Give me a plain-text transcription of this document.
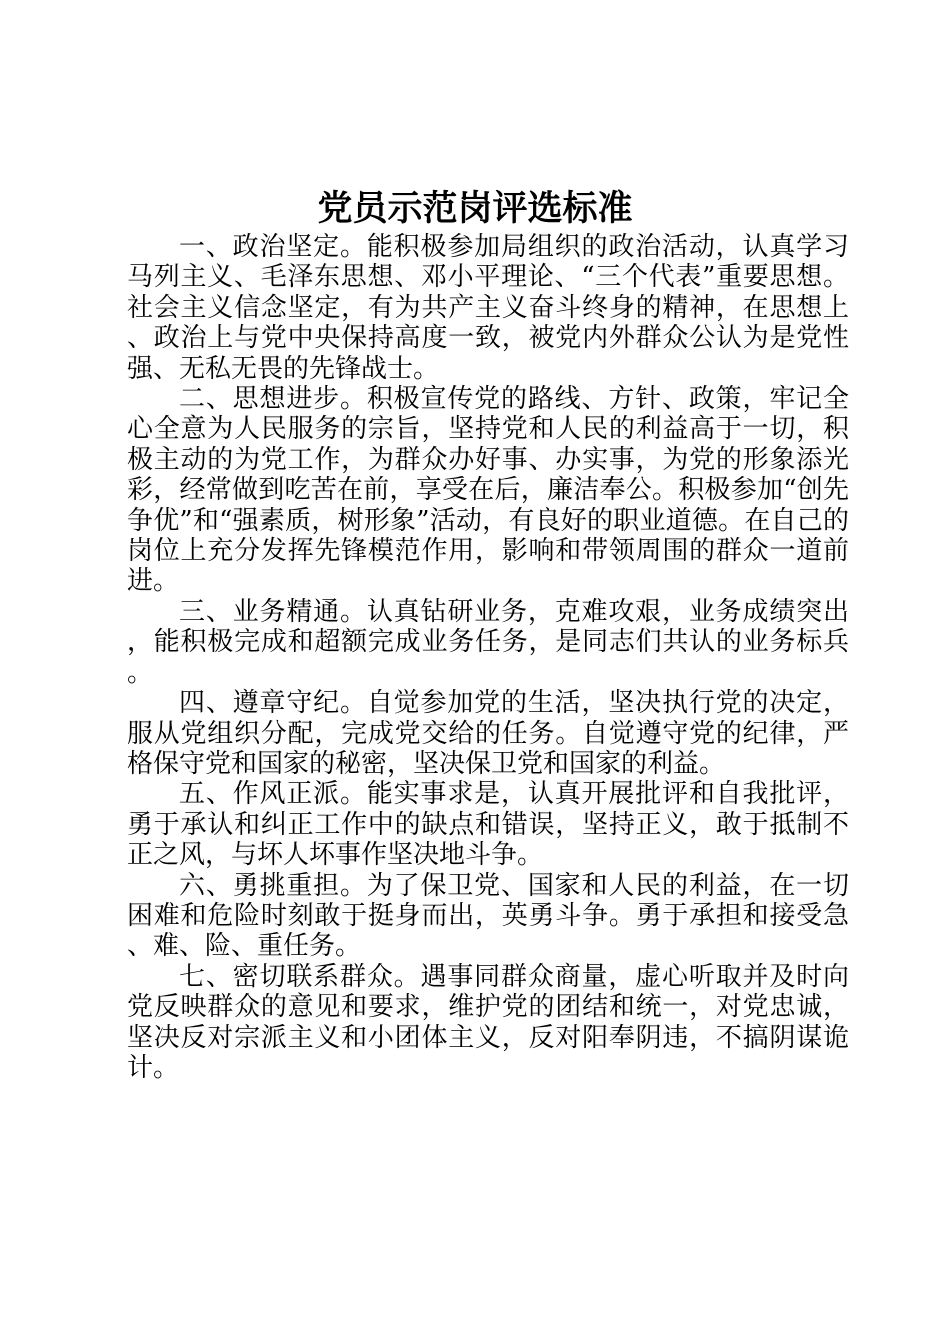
党员示范岗评选标准

一、政治坚定。能积极参加局组织的政治活动，认真学习马列主义、毛泽东思想、邓小平理论、“三个代表”重要思想。社会主义信念坚定，有为共产主义奋斗终身的精神，在思想上、政治上与党中央保持高度一致，被党内外群众公认为是党性强、无私无畏的先锋战士。

二、思想进步。积极宣传党的路线、方针、政策，牢记全心全意为人民服务的宗旨，坚持党和人民的利益高于一切，积极主动的为党工作，为群众办好事、办实事，为党的形象添光彩，经常做到吃苦在前，享受在后，廉洁奉公。积极参加“创先争优”和“强素质，树形象”活动，有良好的职业道德。在自己的岗位上充分发挥先锋模范作用，影响和带领周围的群众一道前进。

三、业务精通。认真钻研业务，克难攻艰，业务成绩突出，能积极完成和超额完成业务任务，是同志们共认的业务标兵。

四、遵章守纪。自觉参加党的生活，坚决执行党的决定，服从党组织分配，完成党交给的任务。自觉遵守党的纪律，严格保守党和国家的秘密，坚决保卫党和国家的利益。

五、作风正派。能实事求是，认真开展批评和自我批评，勇于承认和纠正工作中的缺点和错误，坚持正义，敢于抵制不正之风，与坏人坏事作坚决地斗争。

六、勇挑重担。为了保卫党、国家和人民的利益，在一切困难和危险时刻敢于挺身而出，英勇斗争。勇于承担和接受急、难、险、重任务。

七、密切联系群众。遇事同群众商量，虚心听取并及时向党反映群众的意见和要求，维护党的团结和统一，对党忠诚，坚决反对宗派主义和小团体主义，反对阳奉阴违，不搞阴谋诡计。
